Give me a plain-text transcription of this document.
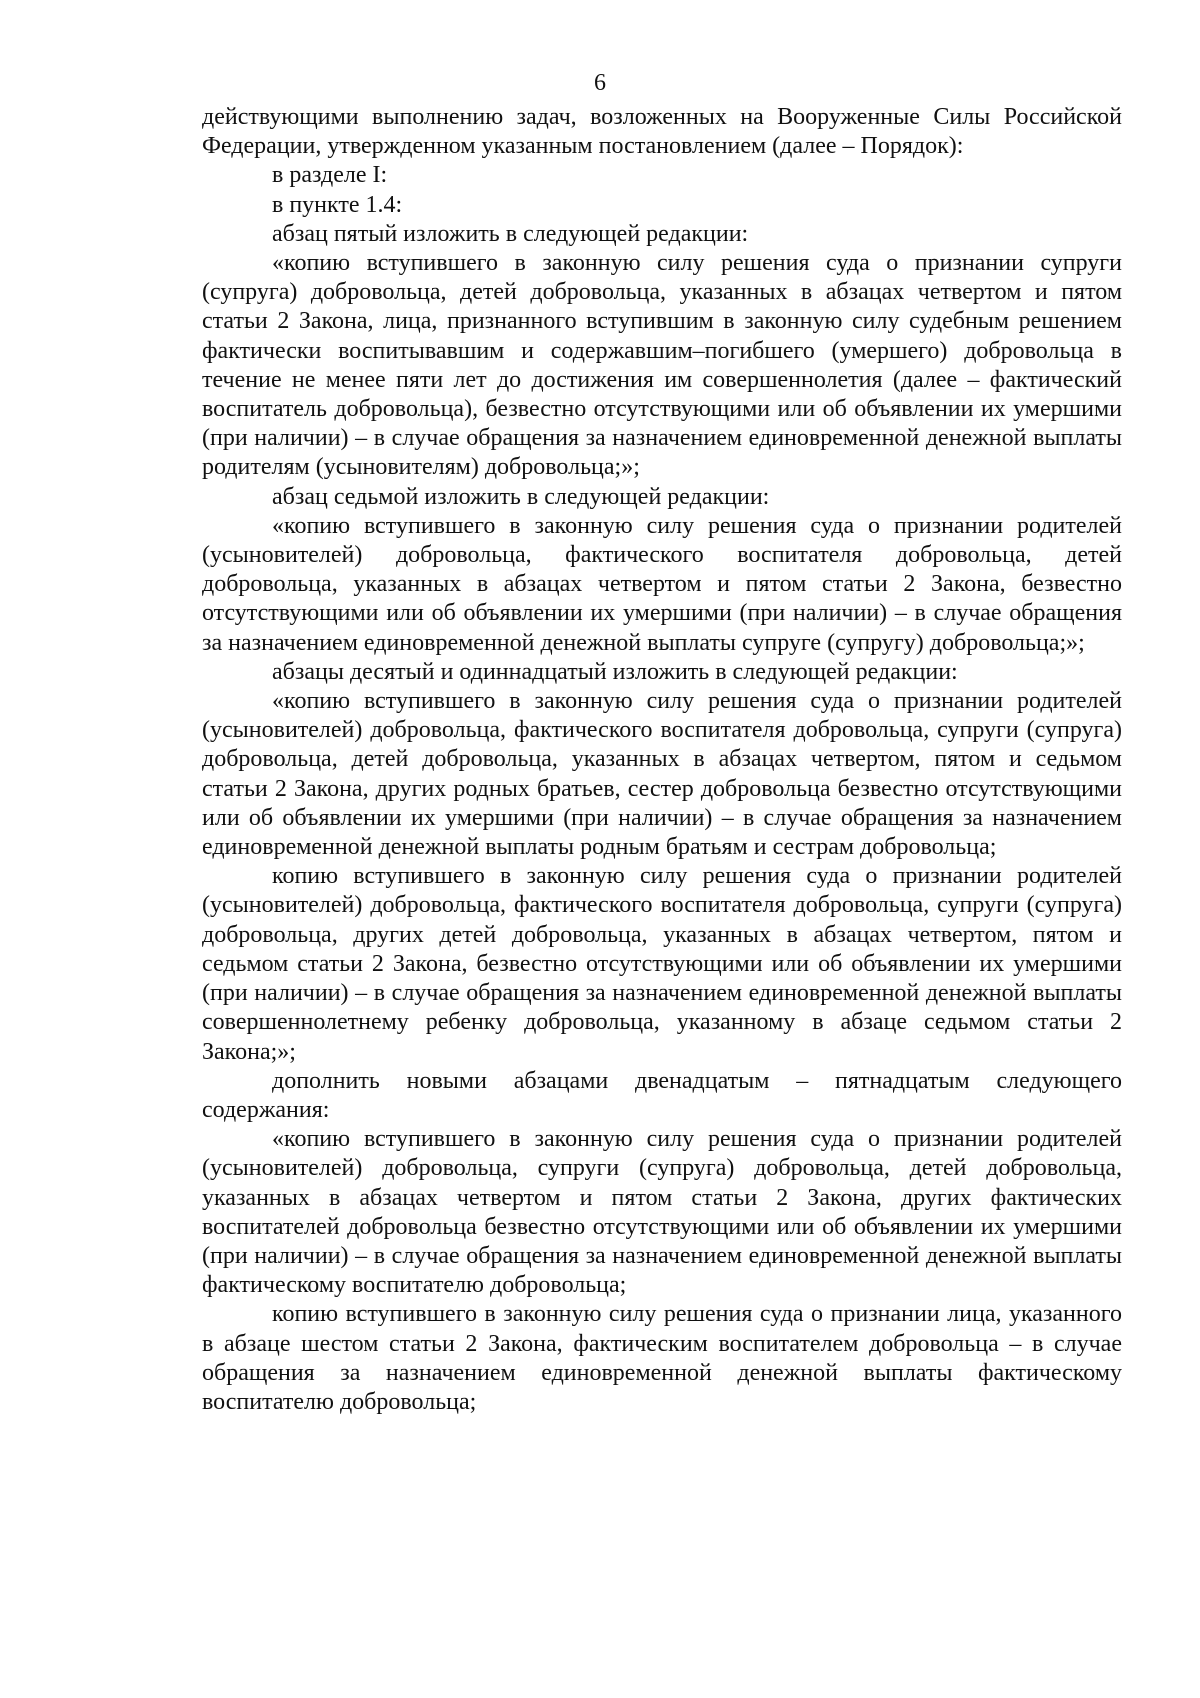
6

действующими выполнению задач, возложенных на Вооруженные Силы Российской Федерации, утвержденном указанным постановлением (далее – Порядок):

в разделе I:

в пункте 1.4:

абзац пятый изложить в следующей редакции:

«копию вступившего в законную силу решения суда о признании супруги (супруга) добровольца, детей добровольца, указанных в абзацах четвертом и пятом статьи 2 Закона, лица, признанного вступившим в законную силу судебным решением фактически воспитывавшим и содержавшим–погибшего (умершего) добровольца в течение не менее пяти лет до достижения им совершеннолетия (далее – фактический воспитатель добровольца), безвестно отсутствующими или об объявлении их умершими (при наличии) – в случае обращения за назначением единовременной денежной выплаты родителям (усыновителям) добровольца;»;

абзац седьмой изложить в следующей редакции:

«копию вступившего в законную силу решения суда о признании родителей (усыновителей) добровольца, фактического воспитателя добровольца, детей добровольца, указанных в абзацах четвертом и пятом статьи 2 Закона, безвестно отсутствующими или об объявлении их умершими (при наличии) – в случае обращения за назначением единовременной денежной выплаты супруге (супругу) добровольца;»;

абзацы десятый и одиннадцатый изложить в следующей редакции:

«копию вступившего в законную силу решения суда о признании родителей (усыновителей) добровольца, фактического воспитателя добровольца, супруги (супруга) добровольца, детей добровольца, указанных в абзацах четвертом, пятом и седьмом статьи 2 Закона, других родных братьев, сестер добровольца безвестно отсутствующими или об объявлении их умершими (при наличии) – в случае обращения за назначением единовременной денежной выплаты родным братьям и сестрам добровольца;

копию вступившего в законную силу решения суда о признании родителей (усыновителей) добровольца, фактического воспитателя добровольца, супруги (супруга) добровольца, других детей добровольца, указанных в абзацах четвертом, пятом и седьмом статьи 2 Закона, безвестно отсутствующими или об объявлении их умершими (при наличии) – в случае обращения за назначением единовременной денежной выплаты совершеннолетнему ребенку добровольца, указанному в абзаце седьмом статьи 2 Закона;»;

дополнить новыми абзацами двенадцатым – пятнадцатым следующего содержания:

«копию вступившего в законную силу решения суда о признании родителей (усыновителей) добровольца, супруги (супруга) добровольца, детей добровольца, указанных в абзацах четвертом и пятом статьи 2 Закона, других фактических воспитателей добровольца безвестно отсутствующими или об объявлении их умершими (при наличии) – в случае обращения за назначением единовременной денежной выплаты фактическому воспитателю добровольца;

копию вступившего в законную силу решения суда о признании лица, указанного в абзаце шестом статьи 2 Закона, фактическим воспитателем добровольца – в случае обращения за назначением единовременной денежной выплаты фактическому воспитателю добровольца;
